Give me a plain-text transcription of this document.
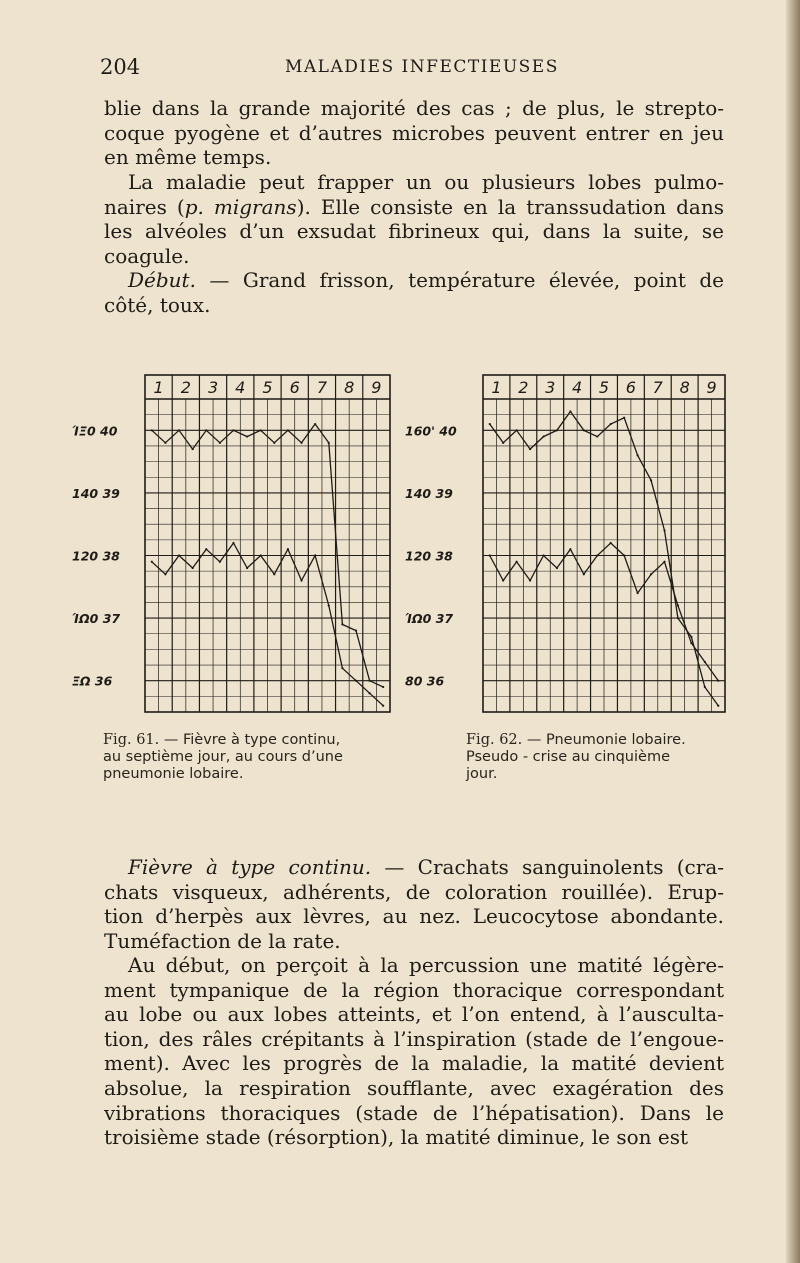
204	MALADIES INFECTIEUSES

blie dans la grande majorité des cas ; de plus, le strepto-
coque pyogène et d’autres microbes peuvent entrer en jeu
en même temps.

La maladie peut frapper un ou plusieurs lobes pulmo-
naires (p. migrans). Elle consiste en la transsudation dans
les alvéoles d’un exsudat fibrineux qui, dans la suite, se
coagule.

Début. — Grand frisson, température élevée, point de
côté, toux.

1 2 3 4 5 6 7 8 9
ΊΞ0 40
140 39
120 38
ΊΩ0 37
ΞΩ 36
1 2 3 4 5 6 7 8 9
160' 40
140 39
120 38
ΊΩ0 37
80 36
Fig. 61. — Fièvre à type continu,
au septième jour, au cours d’une
pneumonie lobaire.
Fig. 62. — Pneumonie lobaire.
Pseudo - crise au cinquième
jour.

Fièvre à type continu. — Crachats sanguinolents (cra-
chats visqueux, adhérents, de coloration rouillée). Erup-
tion d’herpès aux lèvres, au nez. Leucocytose abondante.
Tuméfaction de la rate.

Au début, on perçoit à la percussion une matité légère-
ment tympanique de la région thoracique correspondant
au lobe ou aux lobes atteints, et l’on entend, à l’ausculta-
tion, des râles crépitants à l’inspiration (stade de l’engoue-
ment). Avec les progrès de la maladie, la matité devient
absolue, la respiration soufflante, avec exagération des
vibrations thoraciques (stade de l’hépatisation). Dans le
troisième stade (résorption), la matité diminue, le son est
